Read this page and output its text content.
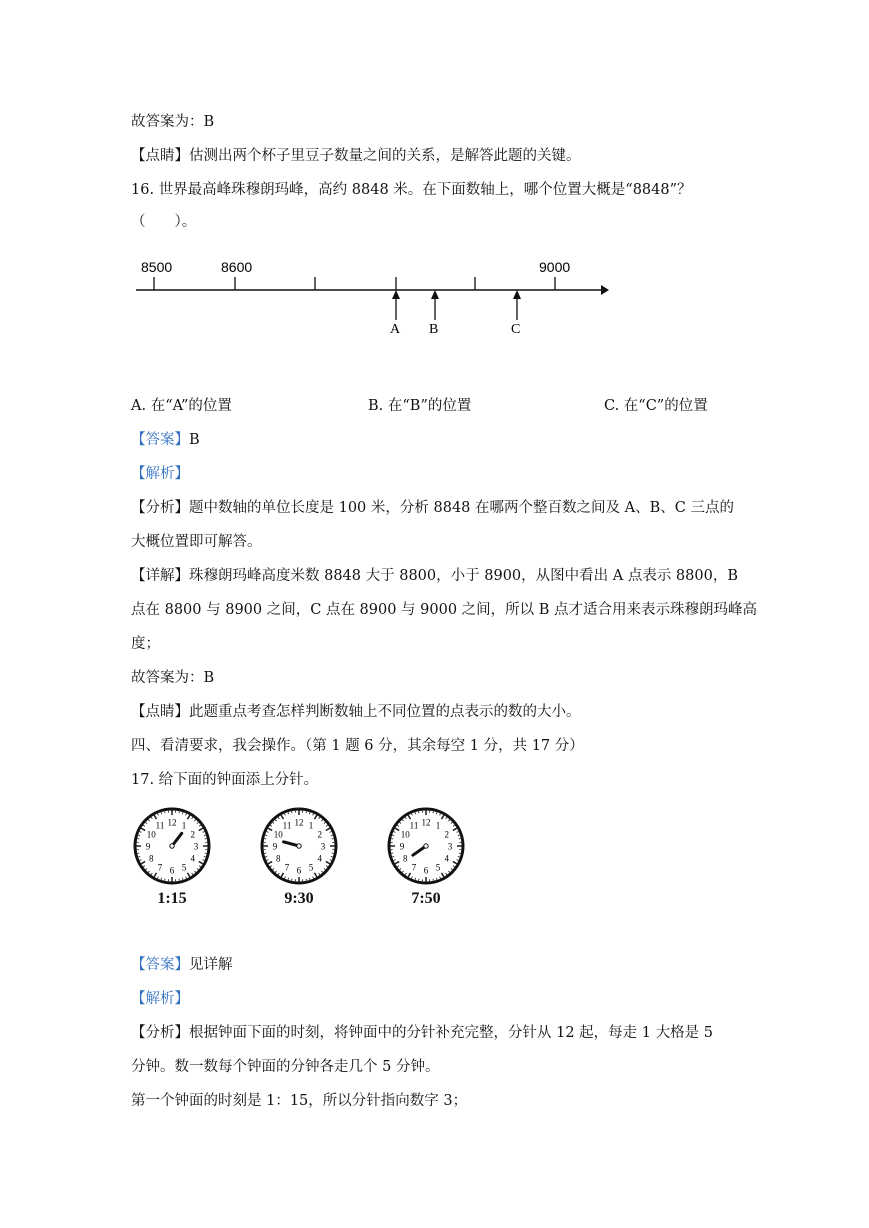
故答案为：B
【点睛】估测出两个杯子里豆子数量之间的关系，是解答此题的关键。
16. 世界最高峰珠穆朗玛峰，高约 8848 米。在下面数轴上，哪个位置大概是“8848”？
（　　）。
8500	8600	9000
A B	C
A. 在“A”的位置	B. 在“B”的位置	C. 在“C”的位置
【答案】B
【解析】
【分析】题中数轴的单位长度是 100 米，分析 8848 在哪两个整百数之间及 A、B、C 三点的
大概位置即可解答。
【详解】珠穆朗玛峰高度米数 8848 大于 8800，小于 8900，从图中看出 A 点表示 8800，B
点在 8800 与 8900 之间，C 点在 8900 与 9000 之间，所以 B 点才适合用来表示珠穆朗玛峰高
度；
故答案为：B
【点睛】此题重点考查怎样判断数轴上不同位置的点表示的数的大小。
四、看清要求，我会操作。（第 1 题 6 分，其余每空 1 分，共 17 分）
17. 给下面的钟面添上分针。
1
2
3
4
5
6
7
8
9
10
11 12	1
2
3
4
5
6
7
8
9
10
11 12	1
2
3
4
5
6
7
8
9
10
11 12
1:15	9:30	7:50
【答案】见详解
【解析】
【分析】根据钟面下面的时刻，将钟面中的分针补充完整，分针从 12 起，每走 1 大格是 5
分钟。数一数每个钟面的分钟各走几个 5 分钟。
第一个钟面的时刻是 1：15，所以分针指向数字 3；
